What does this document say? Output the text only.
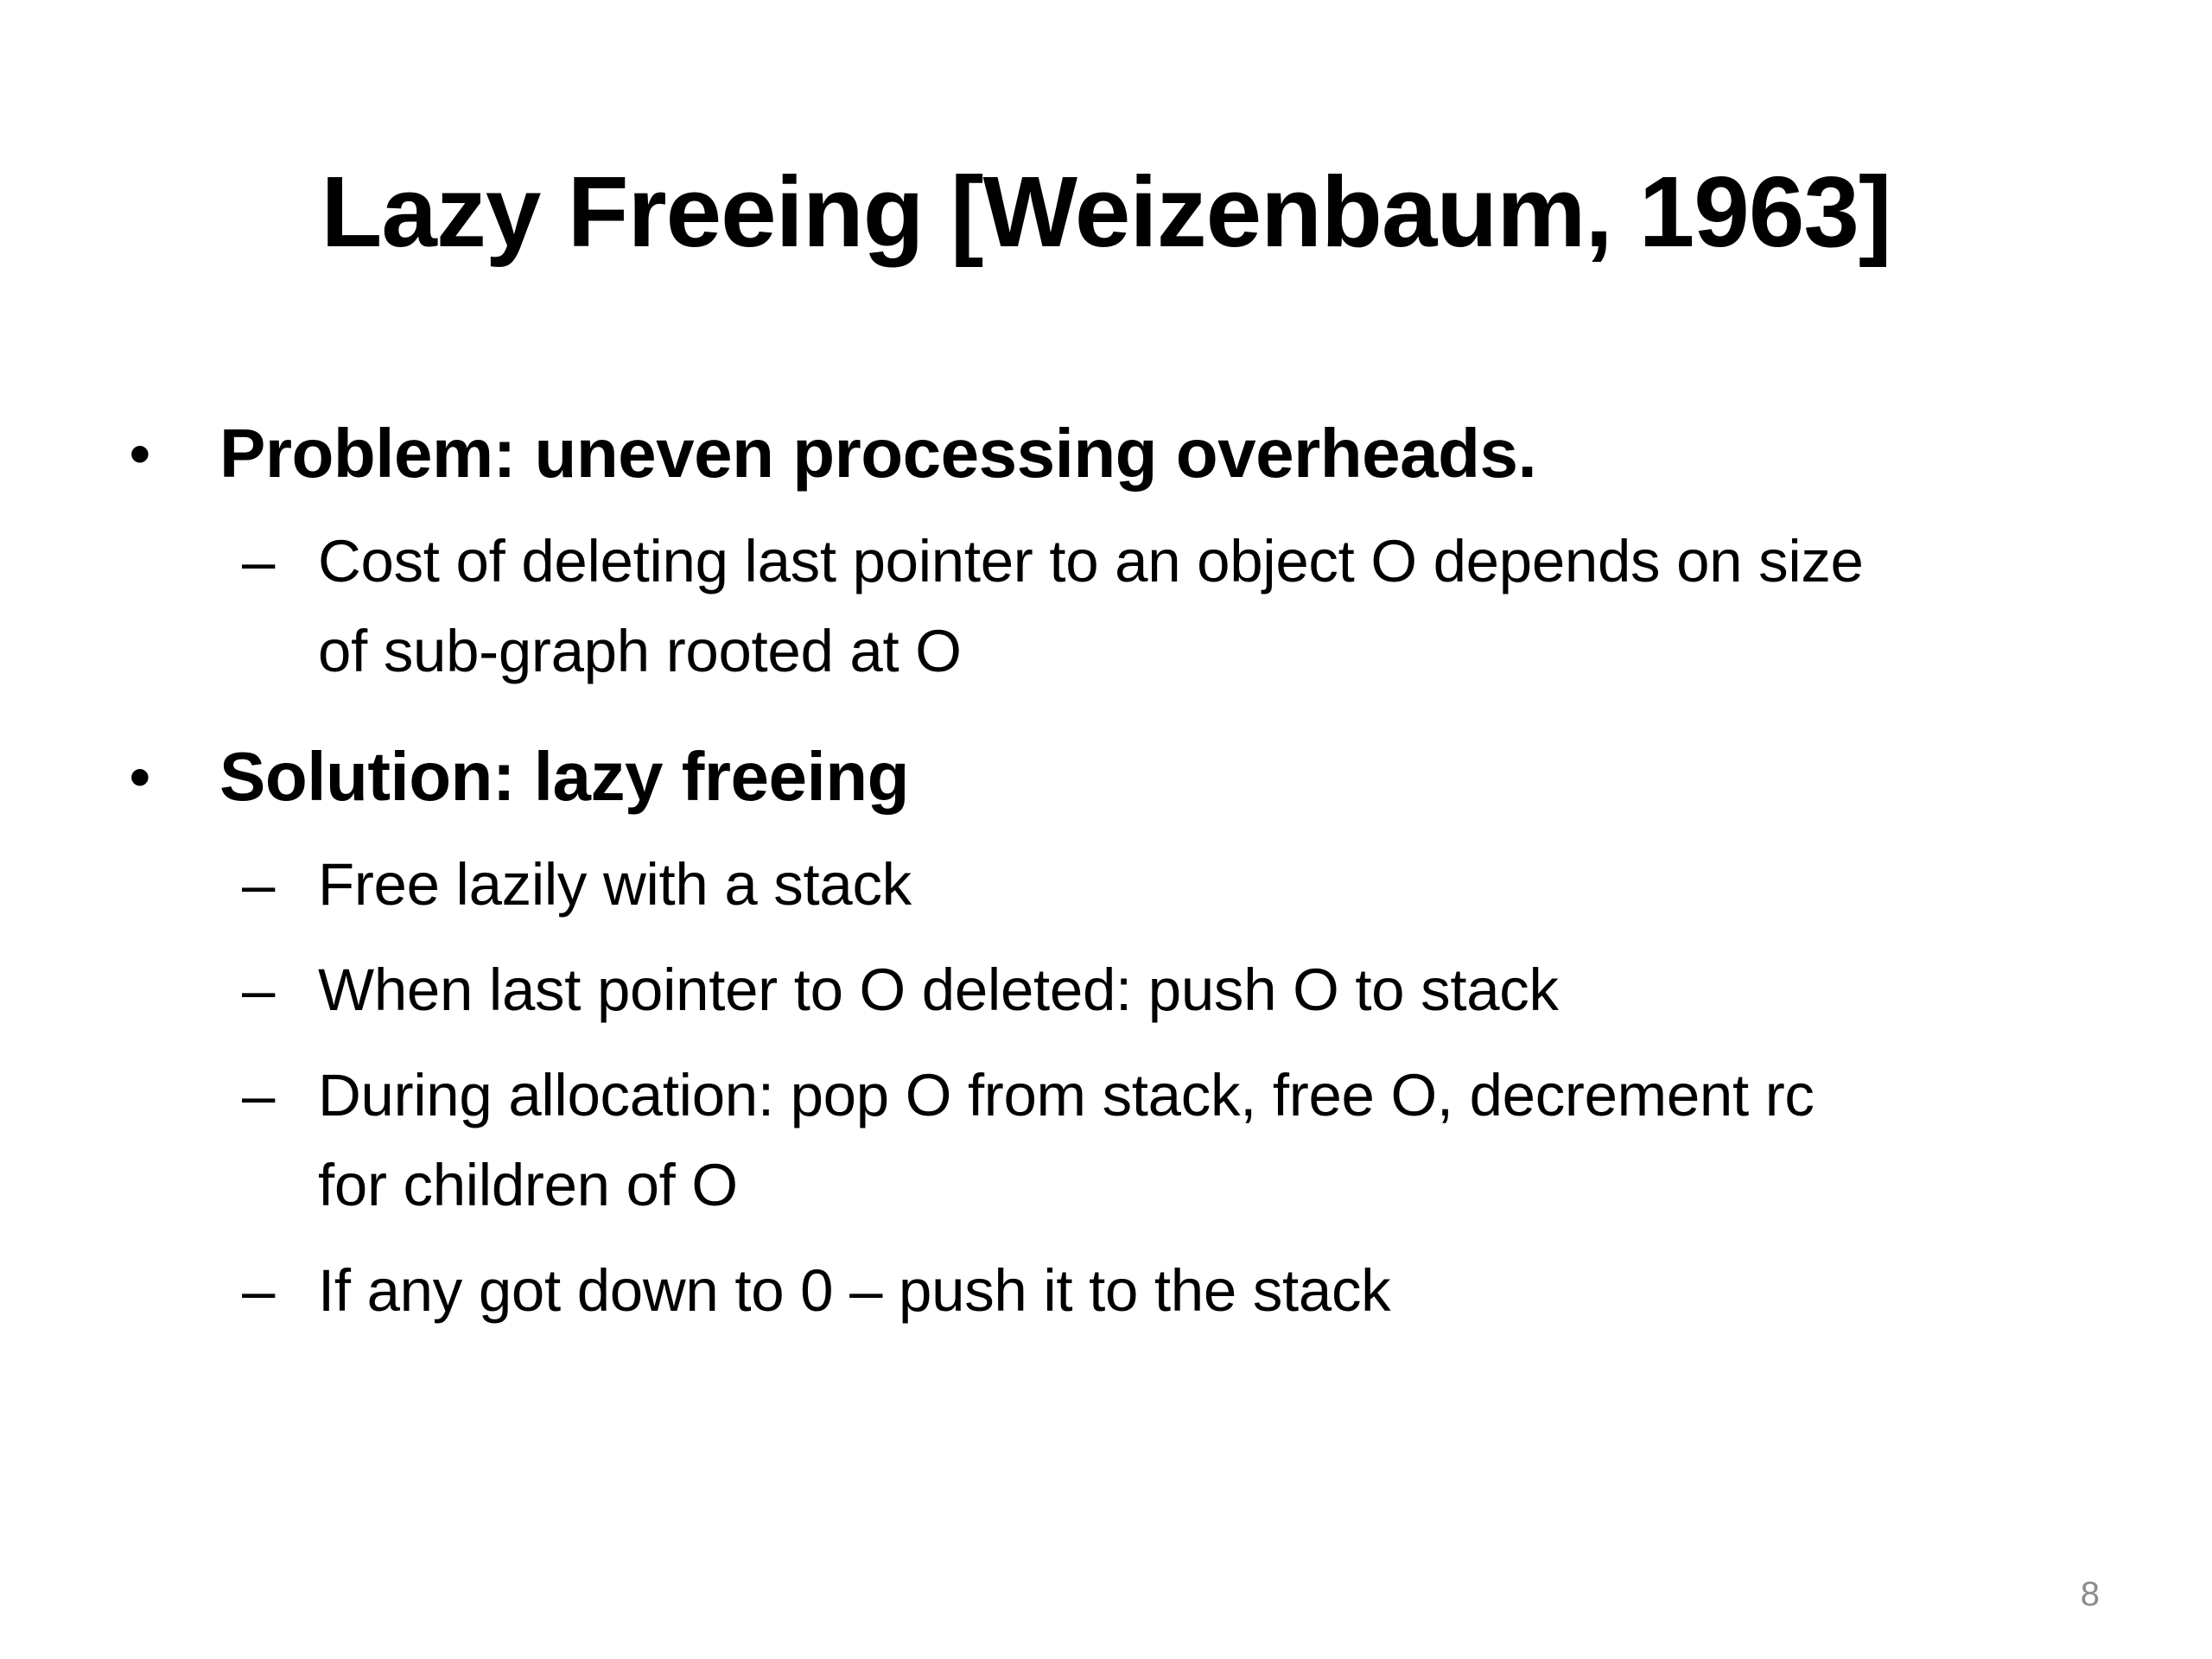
Lazy Freeing [Weizenbaum, 1963]
•	Problem: uneven processing overheads.
– Cost of deleting last pointer to an object O depends on size
of sub-graph rooted at O
•	Solution: lazy freeing
– Free lazily with a stack
– When last pointer to O deleted: push O to stack
– During allocation: pop O from stack, free O, decrement rc
for children of O
– If any got down to 0 – push it to the stack
8
